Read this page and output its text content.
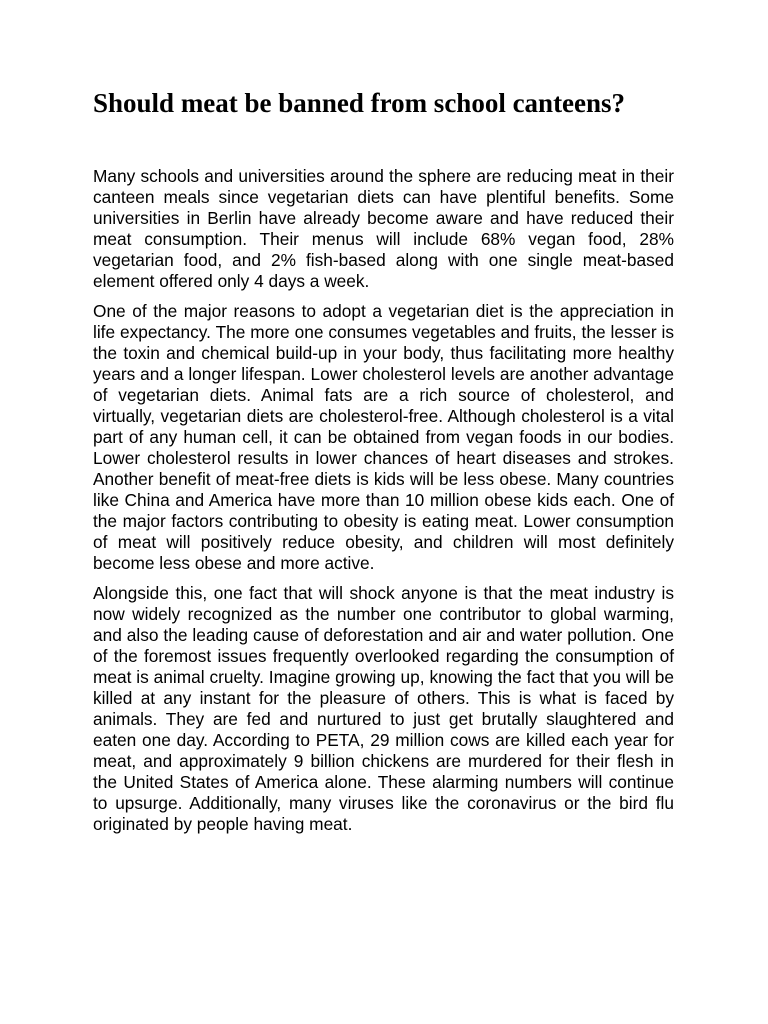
Should meat be banned from school canteens?

Many schools and universities around the sphere are reducing meat in their canteen meals since vegetarian diets can have plentiful benefits. Some universities in Berlin have already become aware and have reduced their meat consumption. Their menus will include 68% vegan food, 28% vegetarian food, and 2% fish-based along with one single meat-based element offered only 4 days a week.

One of the major reasons to adopt a vegetarian diet is the appreciation in life expectancy. The more one consumes vegetables and fruits, the lesser is the toxin and chemical build-up in your body, thus facilitating more healthy years and a longer lifespan. Lower cholesterol levels are another advantage of vegetarian diets. Animal fats are a rich source of cholesterol, and virtually, vegetarian diets are cholesterol-free. Although cholesterol is a vital part of any human cell, it can be obtained from vegan foods in our bodies. Lower cholesterol results in lower chances of heart diseases and strokes. Another benefit of meat-free diets is kids will be less obese. Many countries like China and America have more than 10 million obese kids each. One of the major factors contributing to obesity is eating meat. Lower consumption of meat will positively reduce obesity, and children will most definitely become less obese and more active.

Alongside this, one fact that will shock anyone is that the meat industry is now widely recognized as the number one contributor to global warming, and also the leading cause of deforestation and air and water pollution. One of the foremost issues frequently overlooked regarding the consumption of meat is animal cruelty. Imagine growing up, knowing the fact that you will be killed at any instant for the pleasure of others. This is what is faced by animals. They are fed and nurtured to just get brutally slaughtered and eaten one day. According to PETA, 29 million cows are killed each year for meat, and approximately 9 billion chickens are murdered for their flesh in the United States of America alone. These alarming numbers will continue to upsurge. Additionally, many viruses like the coronavirus or the bird flu originated by people having meat.
